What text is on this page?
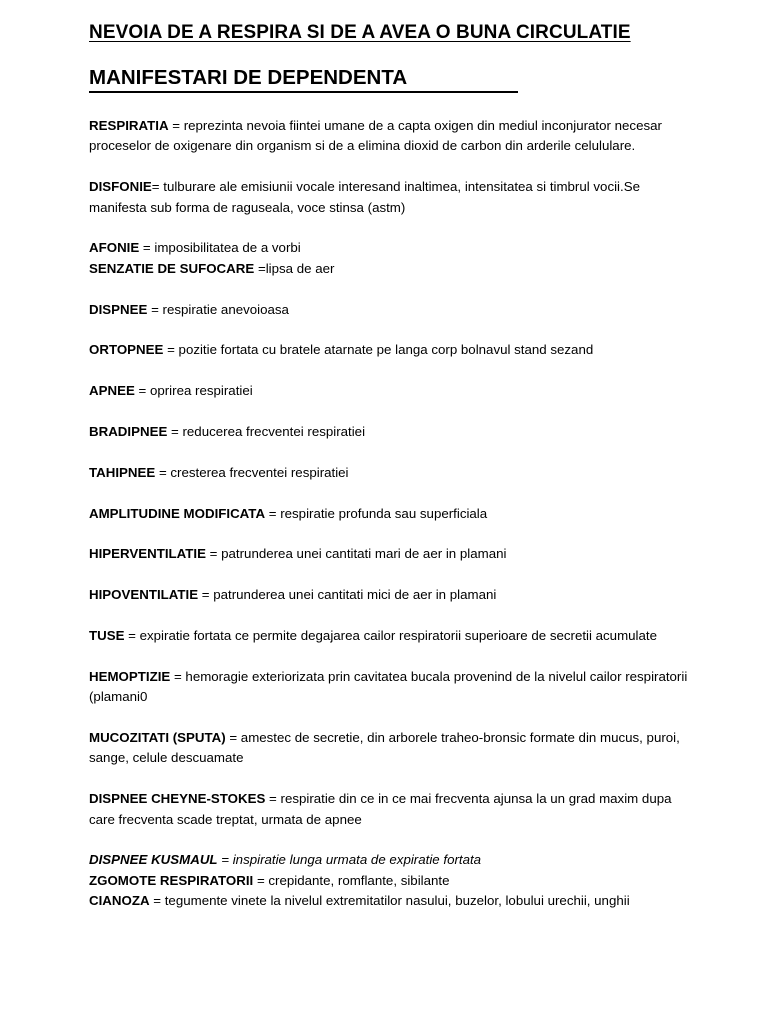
NEVOIA DE A RESPIRA SI DE A AVEA O BUNA CIRCULATIE
MANIFESTARI DE DEPENDENTA

RESPIRATIA = reprezinta nevoia fiintei umane de a capta oxigen din mediul inconjurator necesar proceselor de oxigenare din organism si de a elimina dioxid de carbon din arderile celululare.

DISFONIE= tulburare ale emisiunii vocale interesand inaltimea, intensitatea si timbrul vocii.Se manifesta sub forma de raguseala, voce stinsa (astm)

AFONIE = imposibilitatea de a vorbi

SENZATIE DE SUFOCARE =lipsa de aer

DISPNEE = respiratie anevoioasa

ORTOPNEE = pozitie fortata cu bratele atarnate pe langa corp bolnavul stand sezand

APNEE = oprirea respiratiei

BRADIPNEE = reducerea frecventei respiratiei

TAHIPNEE = cresterea frecventei respiratiei

AMPLITUDINE MODIFICATA = respiratie profunda sau superficiala

HIPERVENTILATIE = patrunderea unei cantitati mari de aer in plamani

HIPOVENTILATIE = patrunderea unei cantitati mici de aer in plamani

TUSE = expiratie fortata ce permite degajarea cailor respiratorii superioare de secretii acumulate

HEMOPTIZIE = hemoragie exteriorizata prin cavitatea bucala provenind de la nivelul cailor respiratorii (plamani0

MUCOZITATI (SPUTA) = amestec de secretie, din arborele traheo-bronsic formate din mucus, puroi, sange, celule descuamate

DISPNEE CHEYNE-STOKES = respiratie din ce in ce mai frecventa ajunsa la un grad maxim dupa care frecventa scade treptat, urmata de apnee

DISPNEE KUSMAUL = inspiratie lunga urmata de expiratie fortata

ZGOMOTE RESPIRATORII = crepidante, romflante, sibilante

CIANOZA = tegumente vinete la nivelul extremitatilor nasului, buzelor, lobului urechii, unghii
